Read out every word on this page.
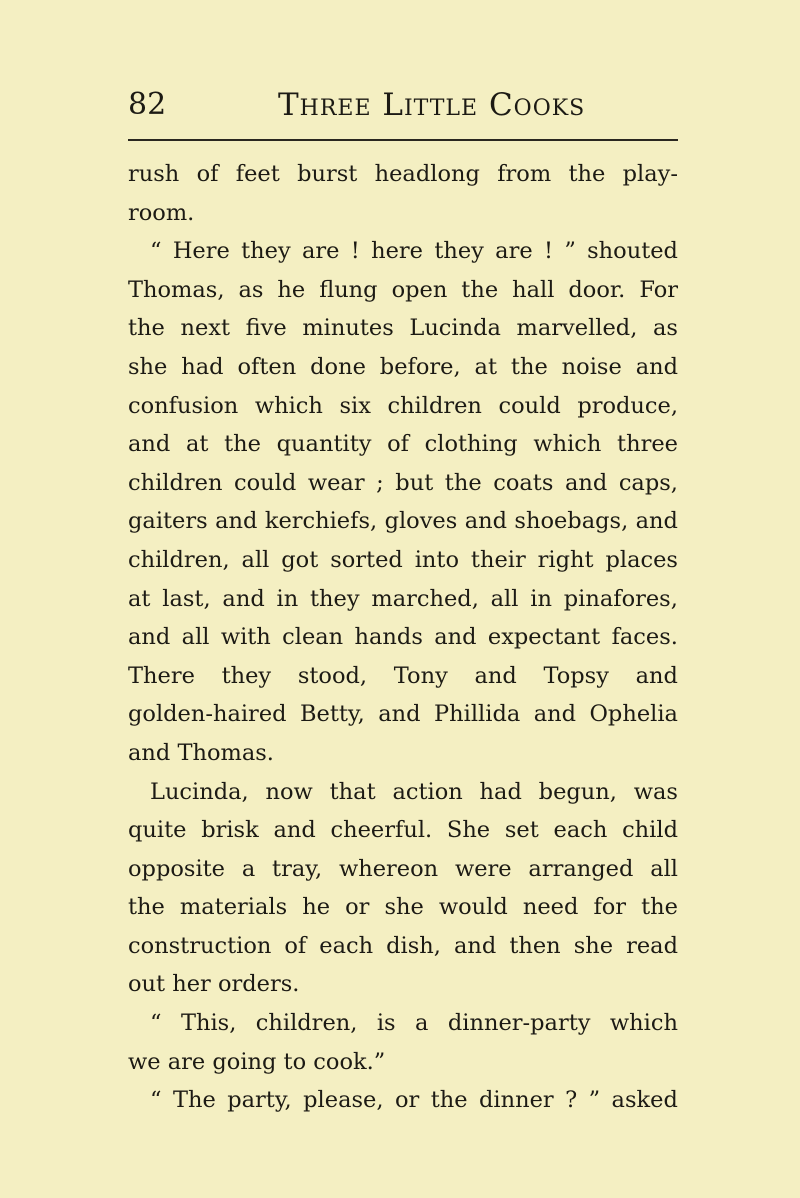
82	Three Little Cooks
rush of feet burst headlong from the play-
room.
“ Here they are ! here they are ! ” shouted
Thomas, as he flung open the hall door. For
the next five minutes Lucinda marvelled, as
she had often done before, at the noise and
confusion which six children could produce,
and at the quantity of clothing which three
children could wear ; but the coats and caps,
gaiters and kerchiefs, gloves and shoebags, and
children, all got sorted into their right places
at last, and in they marched, all in pinafores,
and all with clean hands and expectant faces.
There they stood, Tony and Topsy and
golden-haired Betty, and Phillida and Ophelia
and Thomas.
Lucinda, now that action had begun, was
quite brisk and cheerful. She set each child
opposite a tray, whereon were arranged all
the materials he or she would need for the
construction of each dish, and then she read
out her orders.
“ This, children, is a dinner-party which
we are going to cook.”
“ The party, please, or the dinner ? ” asked
